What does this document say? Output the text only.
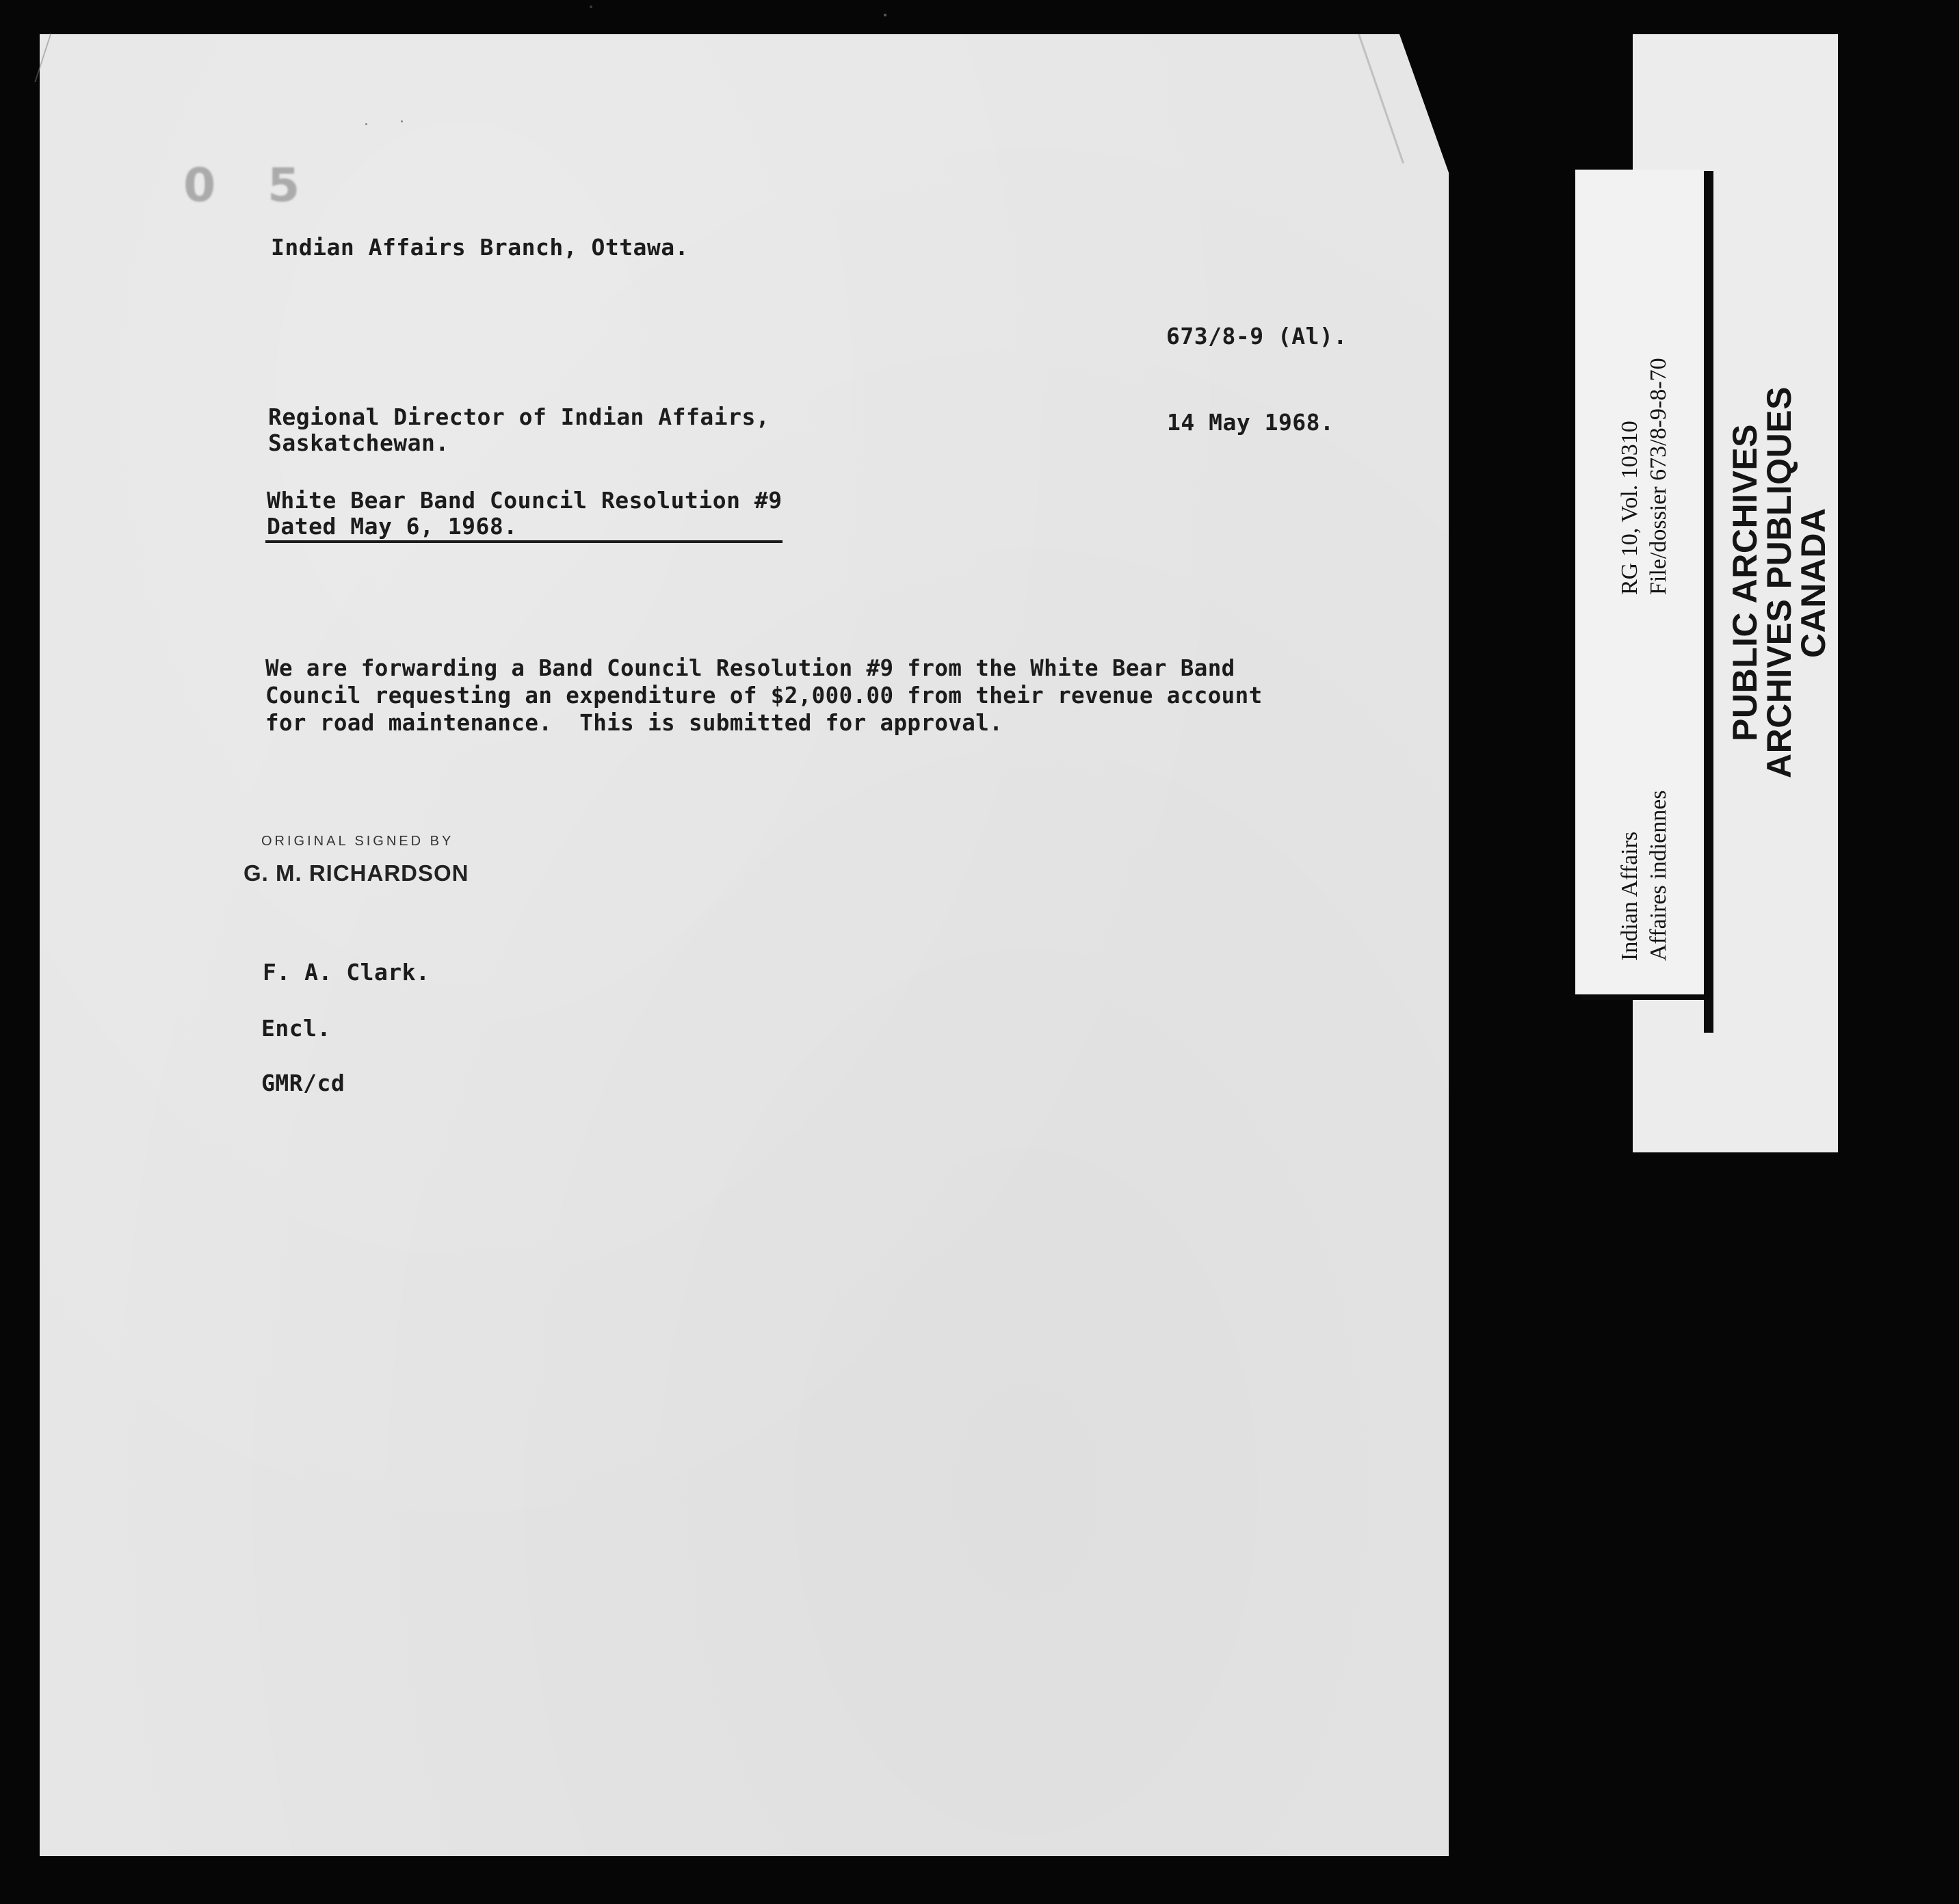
0 5
Indian Affairs Branch, Ottawa.
673/8-9 (Al).
Regional Director of Indian Affairs,
Saskatchewan.
14 May 1968.
White Bear Band Council Resolution #9
Dated May 6, 1968.
We are forwarding a Band Council Resolution #9 from the White Bear Band
Council requesting an expenditure of $2,000.00 from their revenue account
for road maintenance.  This is submitted for approval.
ORIGINAL SIGNED BY
G. M. RICHARDSON
F. A. Clark.
Encl.
GMR/cd
RG 10, Vol. 10310 File/dossier 673/8-9-8-70
Indian Affairs Affaires indiennes
PUBLIC ARCHIVES
ARCHIVES PUBLIQUES
CANADA
